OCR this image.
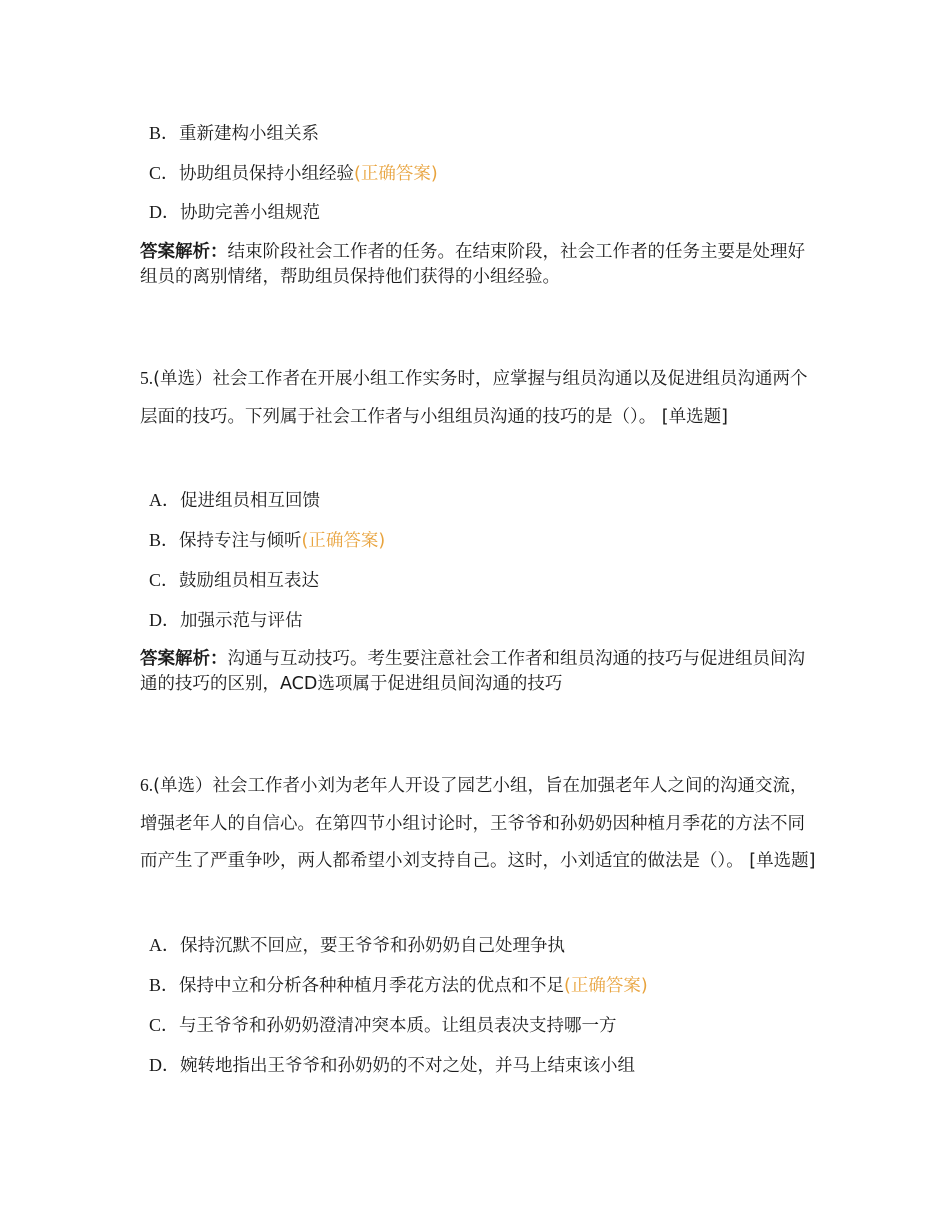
B．重新建构小组关系
C．协助组员保持小组经验(正确答案)
D．协助完善小组规范
答案解析：结束阶段社会工作者的任务。在结束阶段，社会工作者的任务主要是处理好组员的离别情绪，帮助组员保持他们获得的小组经验。
5.(单选）社会工作者在开展小组工作实务时，应掌握与组员沟通以及促进组员沟通两个层面的技巧。下列属于社会工作者与小组组员沟通的技巧的是（）。 [单选题]
A．促进组员相互回馈
B．保持专注与倾听(正确答案)
C．鼓励组员相互表达
D．加强示范与评估
答案解析：沟通与互动技巧。考生要注意社会工作者和组员沟通的技巧与促进组员间沟通的技巧的区别，ACD选项属于促进组员间沟通的技巧
6.(单选）社会工作者小刘为老年人开设了园艺小组，旨在加强老年人之间的沟通交流，增强老年人的自信心。在第四节小组讨论时，王爷爷和孙奶奶因种植月季花的方法不同而产生了严重争吵，两人都希望小刘支持自己。这时，小刘适宜的做法是（）。 [单选题]
A．保持沉默不回应，要王爷爷和孙奶奶自己处理争执
B．保持中立和分析各种种植月季花方法的优点和不足(正确答案)
C．与王爷爷和孙奶奶澄清冲突本质。让组员表决支持哪一方
D．婉转地指出王爷爷和孙奶奶的不对之处，并马上结束该小组
